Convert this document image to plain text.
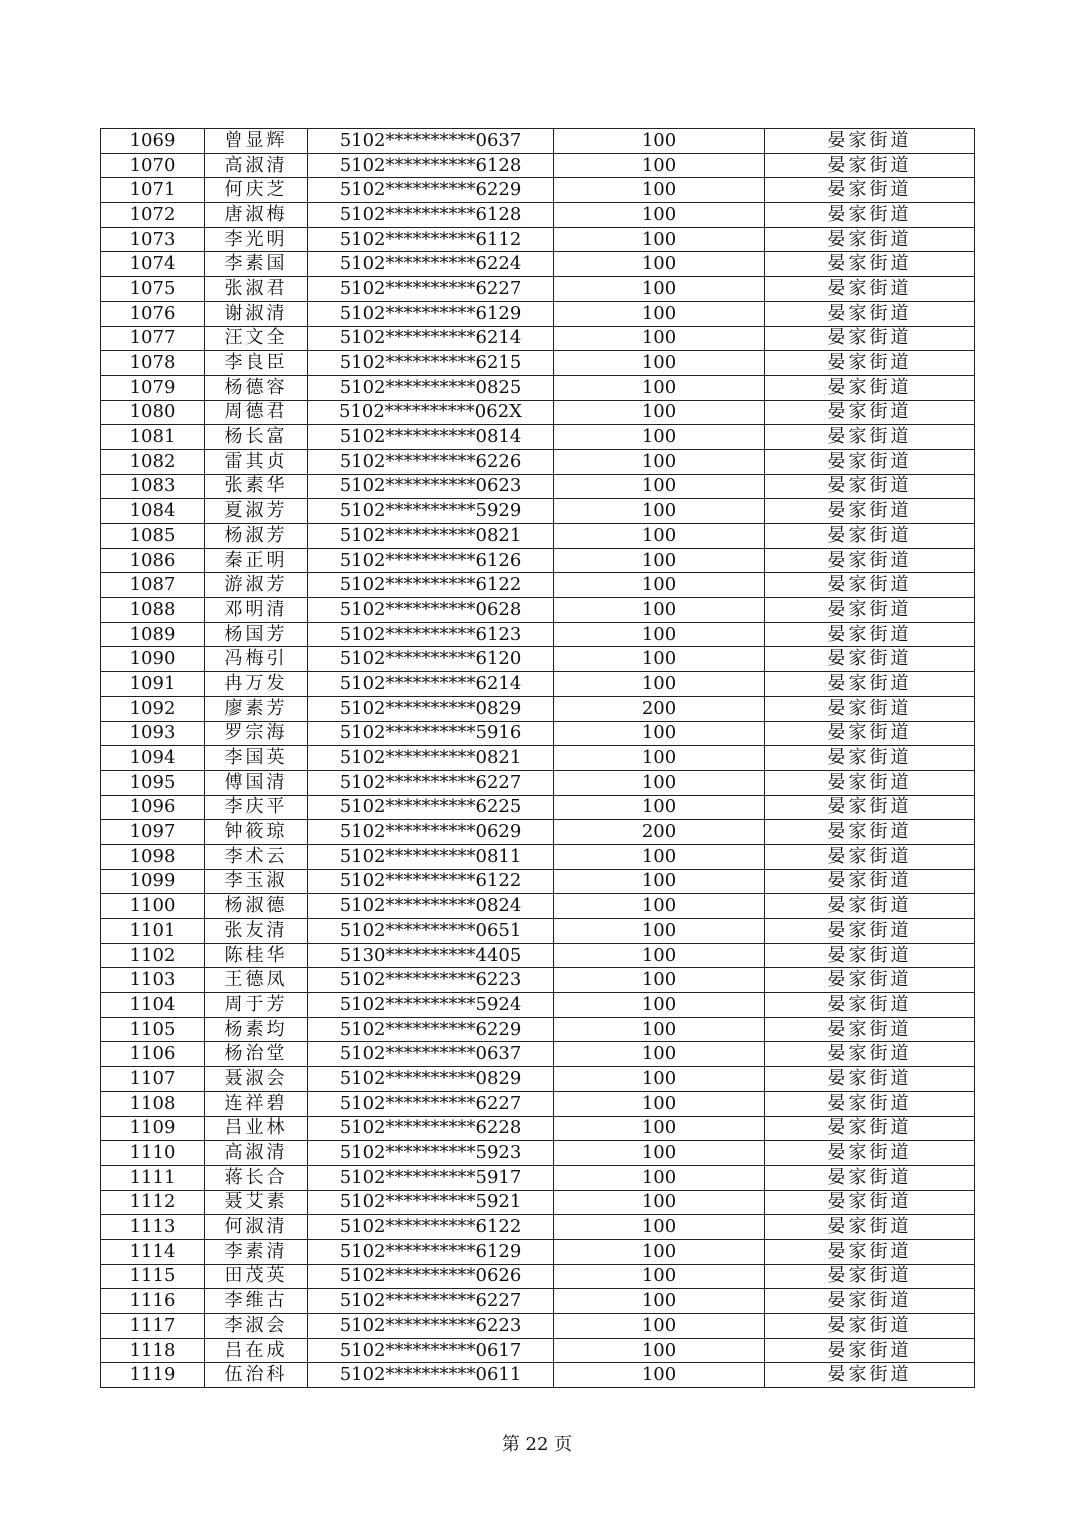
1069	曾显辉	5102**********0637	100	晏家街道
1070	高淑清	5102**********6128	100	晏家街道
1071	何庆芝	5102**********6229	100	晏家街道
1072	唐淑梅	5102**********6128	100	晏家街道
1073	李光明	5102**********6112	100	晏家街道
1074	李素国	5102**********6224	100	晏家街道
1075	张淑君	5102**********6227	100	晏家街道
1076	谢淑清	5102**********6129	100	晏家街道
1077	汪文全	5102**********6214	100	晏家街道
1078	李良臣	5102**********6215	100	晏家街道
1079	杨德容	5102**********0825	100	晏家街道
1080	周德君	5102**********062X	100	晏家街道
1081	杨长富	5102**********0814	100	晏家街道
1082	雷其贞	5102**********6226	100	晏家街道
1083	张素华	5102**********0623	100	晏家街道
1084	夏淑芳	5102**********5929	100	晏家街道
1085	杨淑芳	5102**********0821	100	晏家街道
1086	秦正明	5102**********6126	100	晏家街道
1087	游淑芳	5102**********6122	100	晏家街道
1088	邓明清	5102**********0628	100	晏家街道
1089	杨国芳	5102**********6123	100	晏家街道
1090	冯梅引	5102**********6120	100	晏家街道
1091	冉万发	5102**********6214	100	晏家街道
1092	廖素芳	5102**********0829	200	晏家街道
1093	罗宗海	5102**********5916	100	晏家街道
1094	李国英	5102**********0821	100	晏家街道
1095	傅国清	5102**********6227	100	晏家街道
1096	李庆平	5102**********6225	100	晏家街道
1097	钟筱琼	5102**********0629	200	晏家街道
1098	李术云	5102**********0811	100	晏家街道
1099	李玉淑	5102**********6122	100	晏家街道
1100	杨淑德	5102**********0824	100	晏家街道
1101	张友清	5102**********0651	100	晏家街道
1102	陈桂华	5130**********4405	100	晏家街道
1103	王德凤	5102**********6223	100	晏家街道
1104	周于芳	5102**********5924	100	晏家街道
1105	杨素均	5102**********6229	100	晏家街道
1106	杨治堂	5102**********0637	100	晏家街道
1107	聂淑会	5102**********0829	100	晏家街道
1108	连祥碧	5102**********6227	100	晏家街道
1109	吕业林	5102**********6228	100	晏家街道
1110	高淑清	5102**********5923	100	晏家街道
1111	蒋长合	5102**********5917	100	晏家街道
1112	聂艾素	5102**********5921	100	晏家街道
1113	何淑清	5102**********6122	100	晏家街道
1114	李素清	5102**********6129	100	晏家街道
1115	田茂英	5102**********0626	100	晏家街道
1116	李维古	5102**********6227	100	晏家街道
1117	李淑会	5102**********6223	100	晏家街道
1118	吕在成	5102**********0617	100	晏家街道
1119	伍治科	5102**********0611	100	晏家街道
第 22 页
